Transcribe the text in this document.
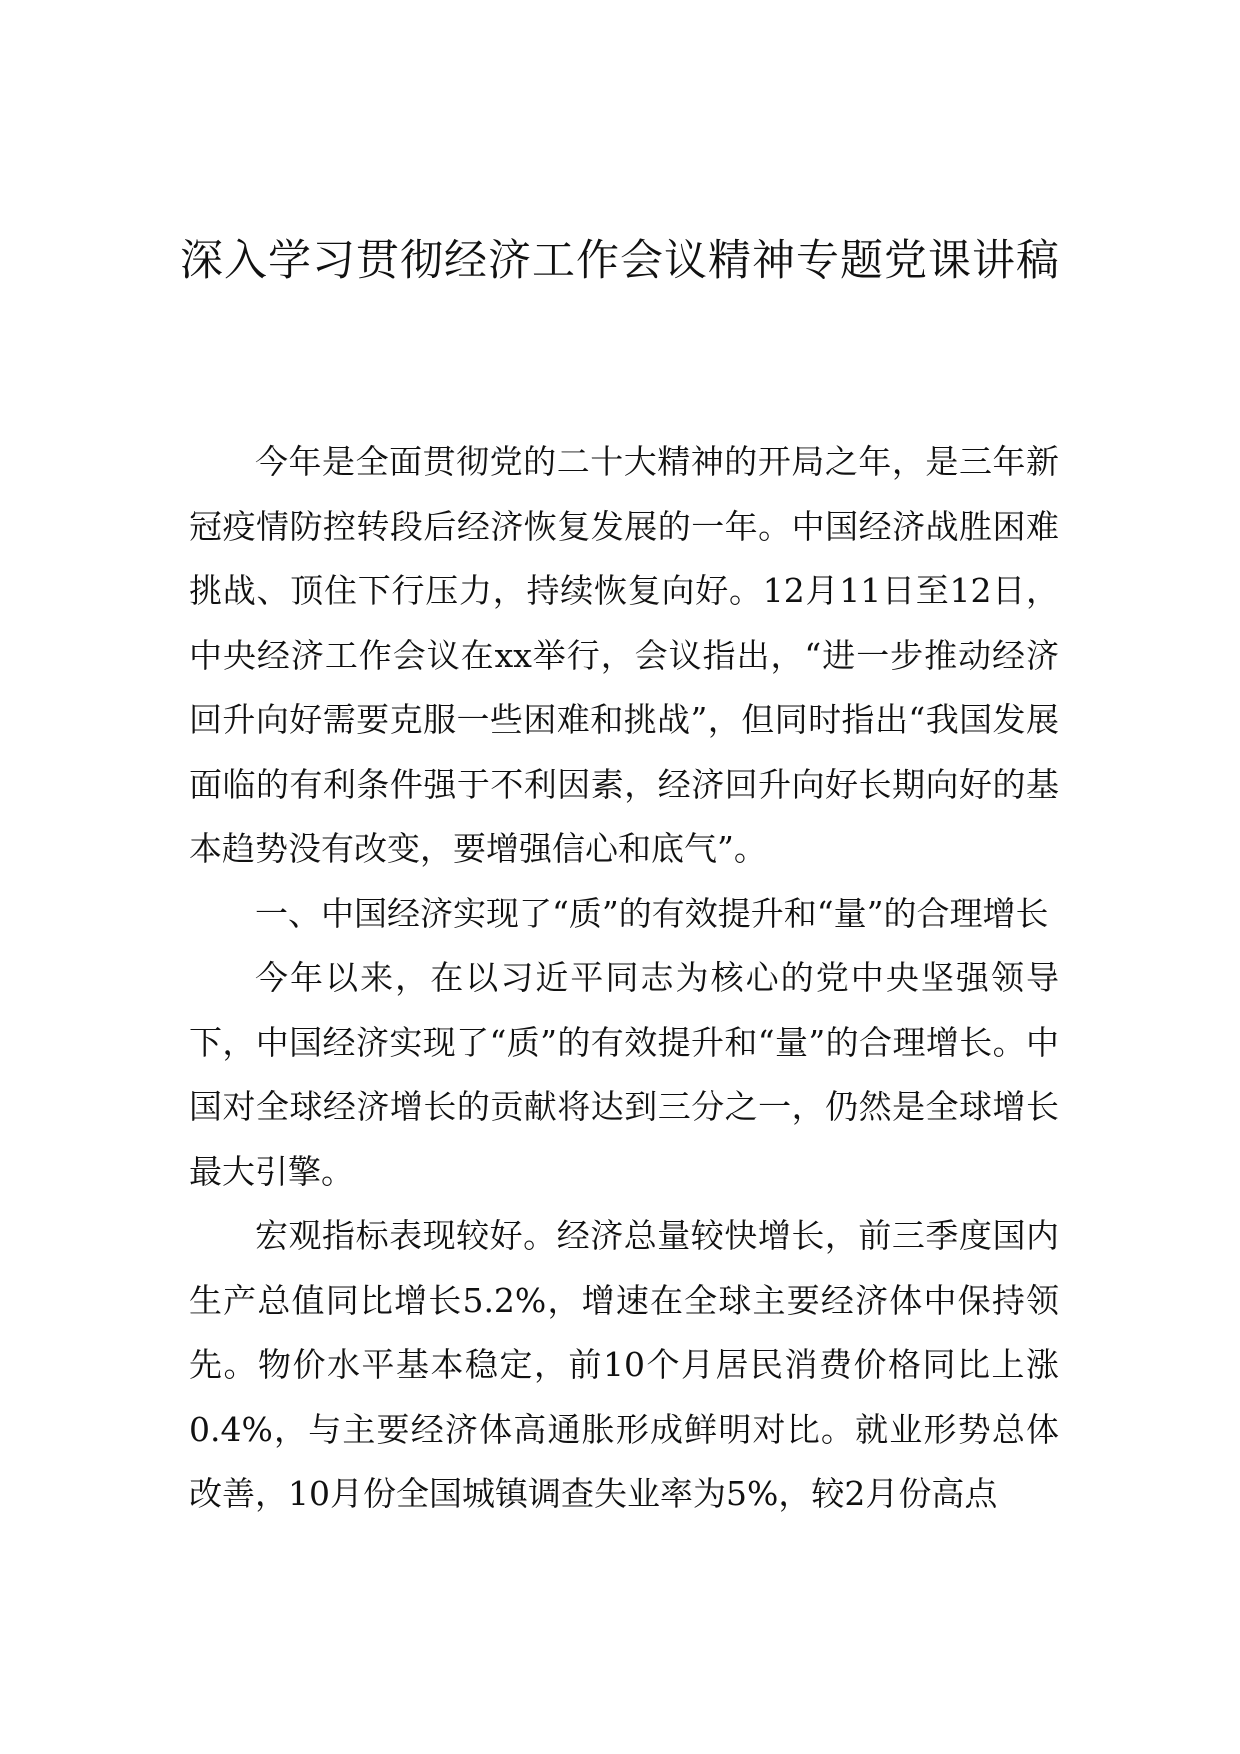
深入学习贯彻经济工作会议精神专题党课讲稿

今年是全面贯彻党的二十大精神的开局之年，是三年新冠疫情防控转段后经济恢复发展的一年。中国经济战胜困难挑战、顶住下行压力，持续恢复向好。12月11日至12日，中央经济工作会议在xx举行，会议指出，“进一步推动经济回升向好需要克服一些困难和挑战”，但同时指出“我国发展面临的有利条件强于不利因素，经济回升向好长期向好的基本趋势没有改变，要增强信心和底气”。

一、中国经济实现了“质”的有效提升和“量”的合理增长

今年以来，在以习近平同志为核心的党中央坚强领导下，中国经济实现了“质”的有效提升和“量”的合理增长。中国对全球经济增长的贡献将达到三分之一，仍然是全球增长最大引擎。

宏观指标表现较好。经济总量较快增长，前三季度国内生产总值同比增长5.2%，增速在全球主要经济体中保持领先。物价水平基本稳定，前10个月居民消费价格同比上涨0.4%，与主要经济体高通胀形成鲜明对比。就业形势总体改善，10月份全国城镇调查失业率为5%，较2月份高点
